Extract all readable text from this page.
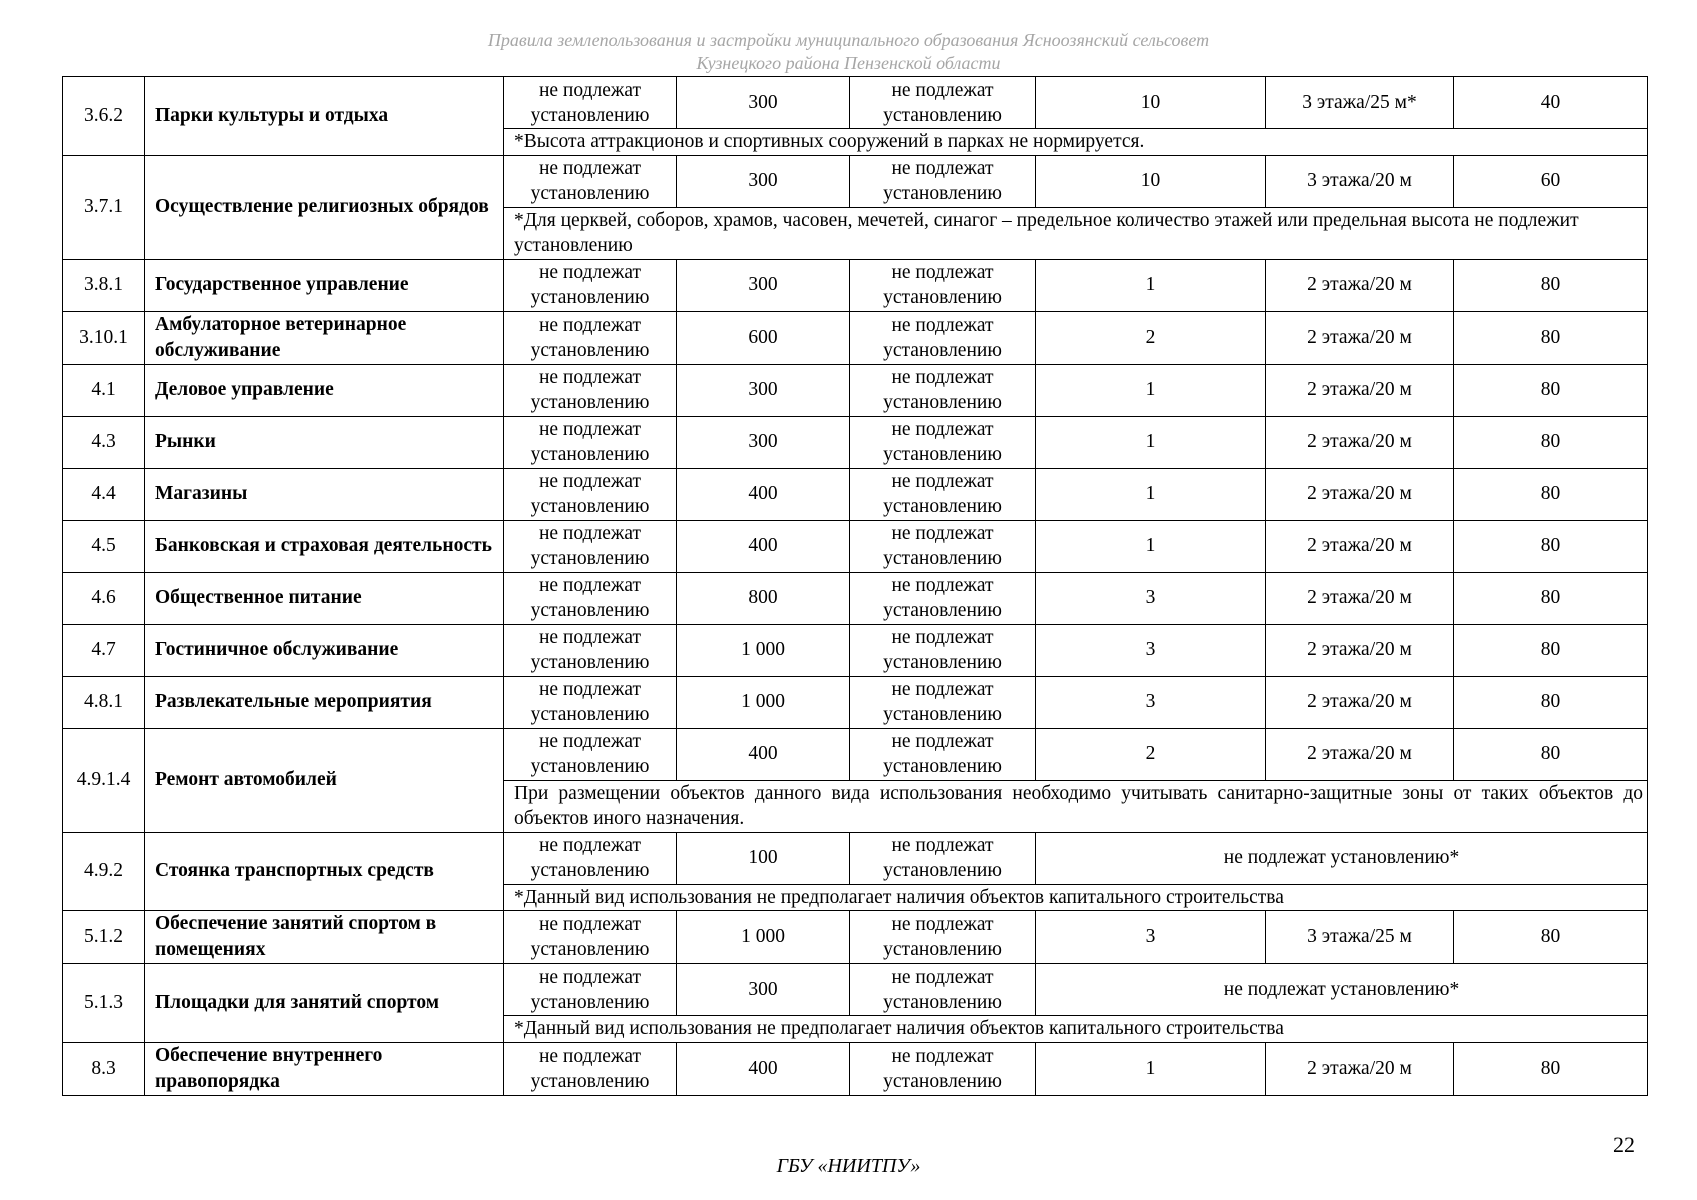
Правила землепользования и застройки муниципального образования Ясноозянский сельсовет
Кузнецкого района Пензенской области
3.6.2	Парки культуры и отдыха	не подлежат установлению	300	не подлежат установлению	10	3 этажа/25 м*	40
		*Высота аттракционов и спортивных сооружений в парках не нормируется.					
3.7.1	Осуществление религиозных обрядов	не подлежат установлению	300	не подлежат установлению	10	3 этажа/20 м	60
		*Для церквей, соборов, храмов, часовен, мечетей, синагог – предельное количество этажей или предельная высота не подлежит установлению					
3.8.1	Государственное управление	не подлежат установлению	300	не подлежат установлению	1	2 этажа/20 м	80
3.10.1	Амбулаторное ветеринарное обслуживание	не подлежат установлению	600	не подлежат установлению	2	2 этажа/20 м	80
4.1	Деловое управление	не подлежат установлению	300	не подлежат установлению	1	2 этажа/20 м	80
4.3	Рынки	не подлежат установлению	300	не подлежат установлению	1	2 этажа/20 м	80
4.4	Магазины	не подлежат установлению	400	не подлежат установлению	1	2 этажа/20 м	80
4.5	Банковская и страховая деятельность	не подлежат установлению	400	не подлежат установлению	1	2 этажа/20 м	80
4.6	Общественное питание	не подлежат установлению	800	не подлежат установлению	3	2 этажа/20 м	80
4.7	Гостиничное обслуживание	не подлежат установлению	1 000	не подлежат установлению	3	2 этажа/20 м	80
4.8.1	Развлекательные мероприятия	не подлежат установлению	1 000	не подлежат установлению	3	2 этажа/20 м	80
4.9.1.4	Ремонт автомобилей	не подлежат установлению	400	не подлежат установлению	2	2 этажа/20 м	80
		При размещении объектов данного вида использования необходимо учитывать санитарно-защитные зоны от таких объектов до объектов иного назначения.					
4.9.2	Стоянка транспортных средств	не подлежат установлению	100	не подлежат установлению	не подлежат установлению*		
		*Данный вид использования не предполагает наличия объектов капитального строительства					
5.1.2	Обеспечение занятий спортом в помещениях	не подлежат установлению	1 000	не подлежат установлению	3	3 этажа/25 м	80
5.1.3	Площадки для занятий спортом	не подлежат установлению	300	не подлежат установлению	не подлежат установлению*		
		*Данный вид использования не предполагает наличия объектов капитального строительства					
8.3	Обеспечение внутреннего правопорядка	не подлежат установлению	400	не подлежат установлению	1	2 этажа/20 м	80
22
ГБУ «НИИТПУ»
